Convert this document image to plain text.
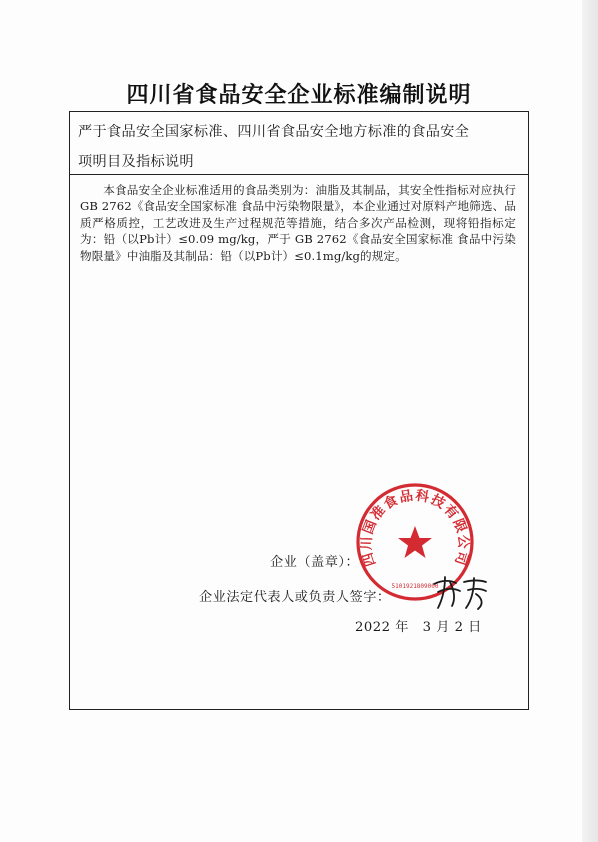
四川省食品安全企业标准编制说明
严于食品安全国家标准、四川省食品安全地方标准的食品安全
项明目及指标说明
本食品安全企业标准适用的食品类别为：油脂及其制品，其安全性指标对应执行GB 2762《食品安全国家标准 食品中污染物限量》，本企业通过对原料产地筛选、品质严格质控，工艺改进及生产过程规范等措施，结合多次产品检测，现将铅指标定为：铅（以Pb计）≤0.09 mg/kg，严于 GB 2762《食品安全国家标准 食品中污染物限量》中油脂及其制品：铅（以Pb计）≤0.1mg/kg的规定。
四川国准食品科技有限公司
5101921809000
企业（盖章）：
企业法定代表人或负责人签字：
2022 年　3 月 2 日
